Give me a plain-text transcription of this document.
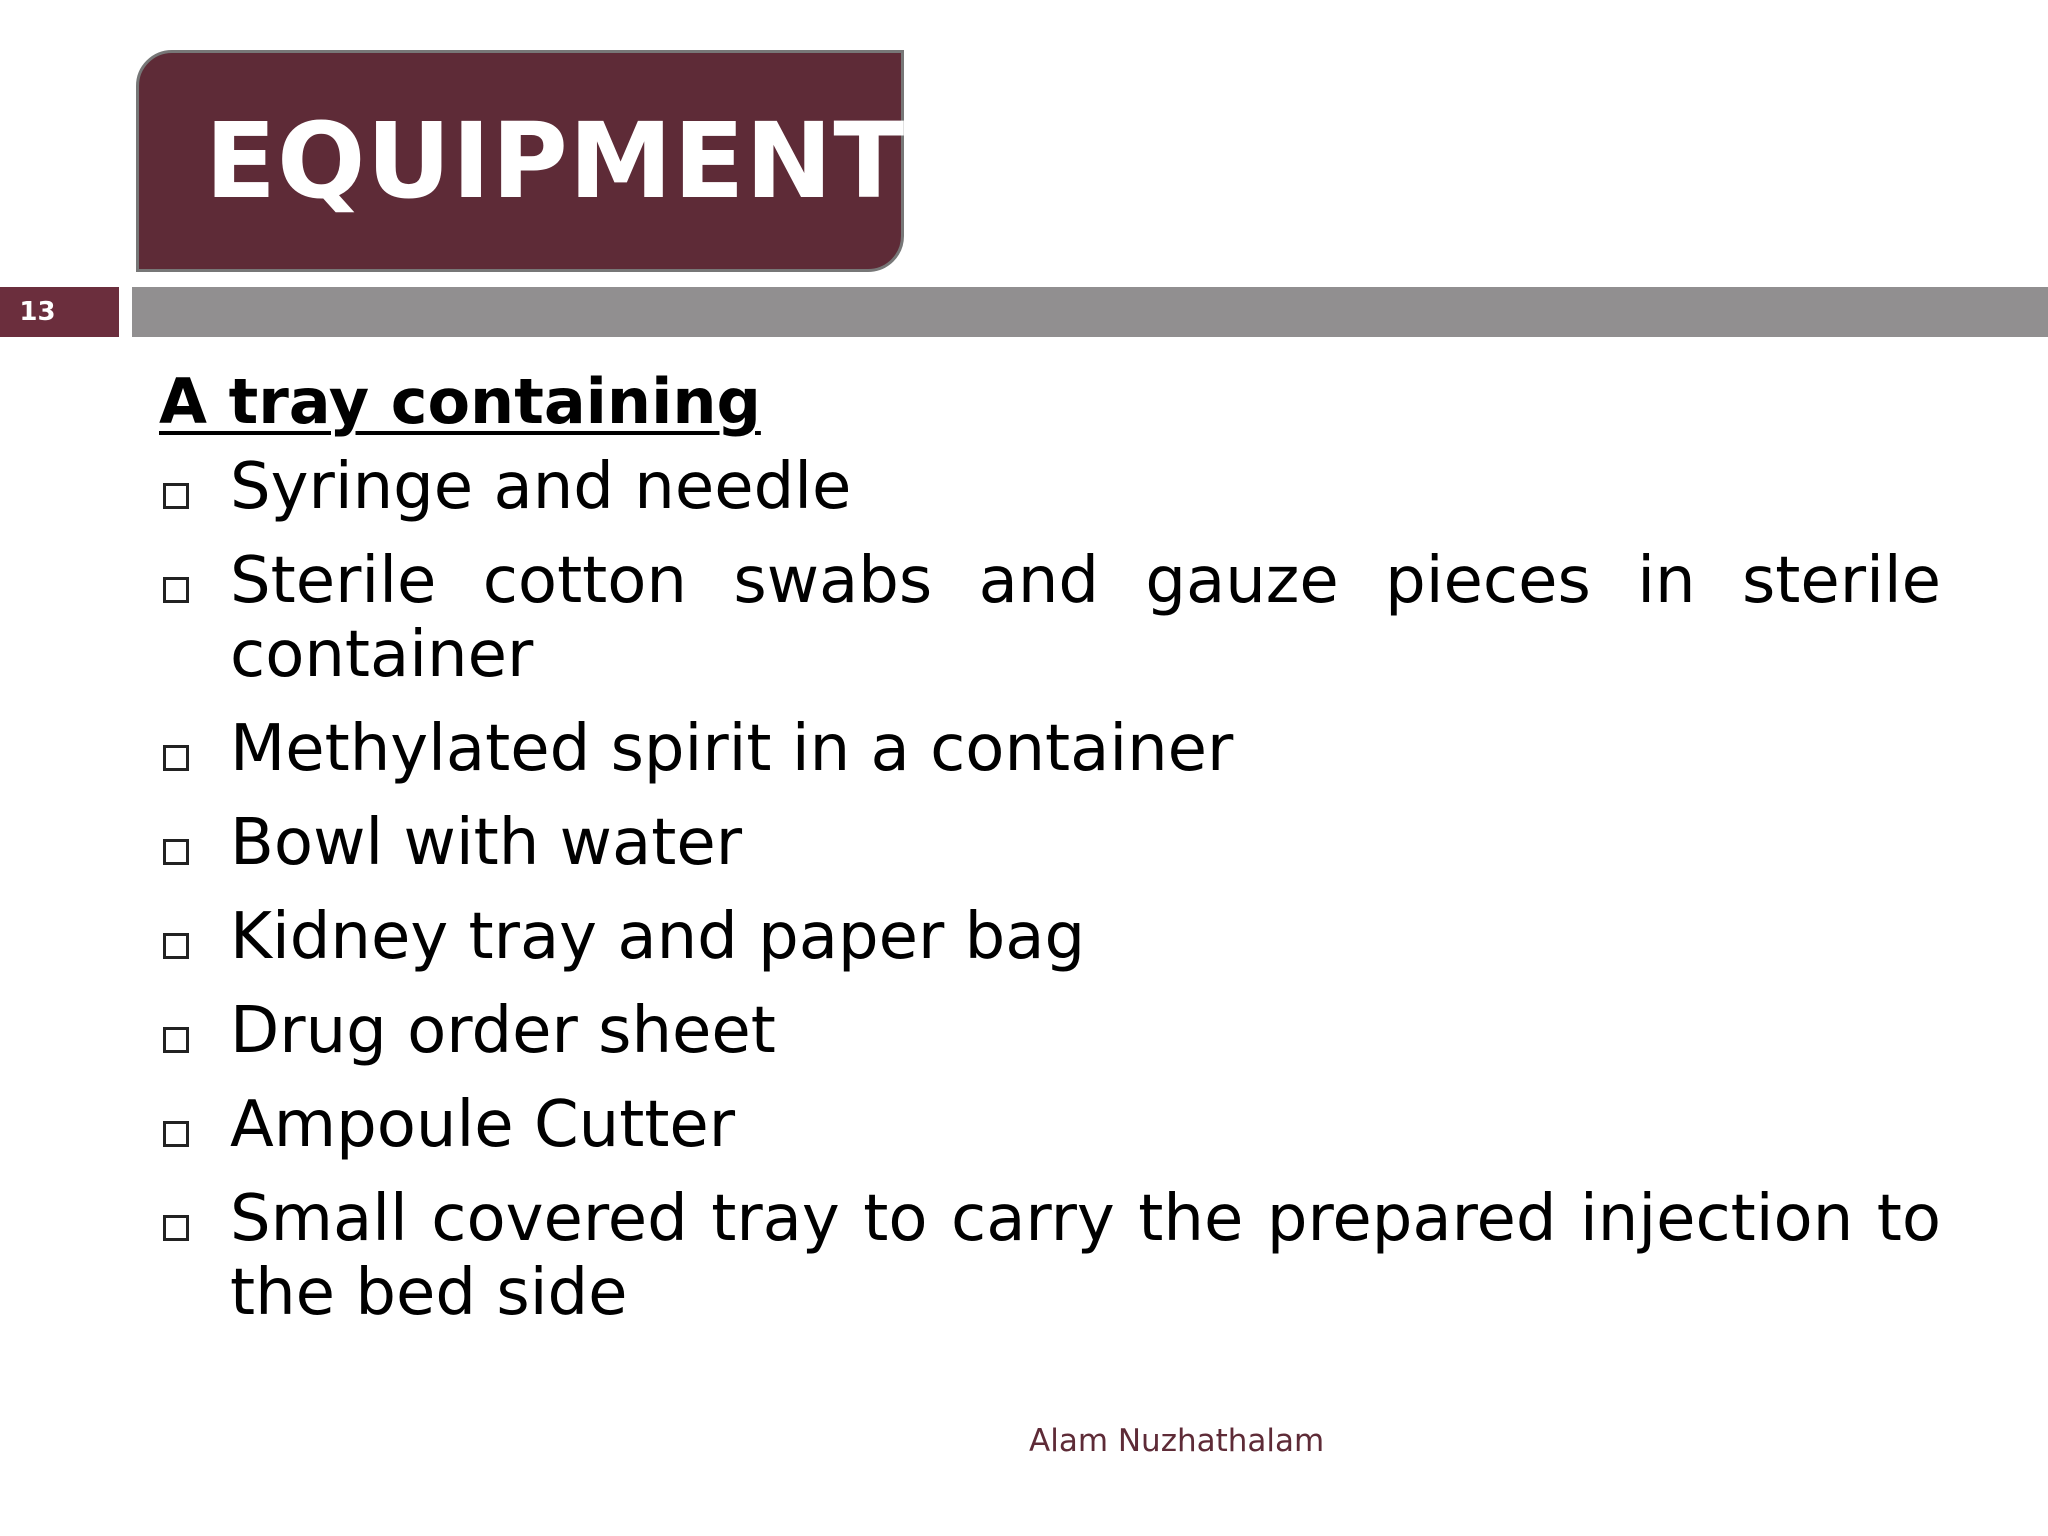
EQUIPMENT
13
A tray containing
Syringe and needle
Sterile cotton swabs and gauze pieces in sterile container
Methylated spirit in a container
Bowl with water
Kidney tray and paper bag
Drug order sheet
Ampoule Cutter
Small covered tray to carry the prepared injection to the bed side
Alam Nuzhathalam
